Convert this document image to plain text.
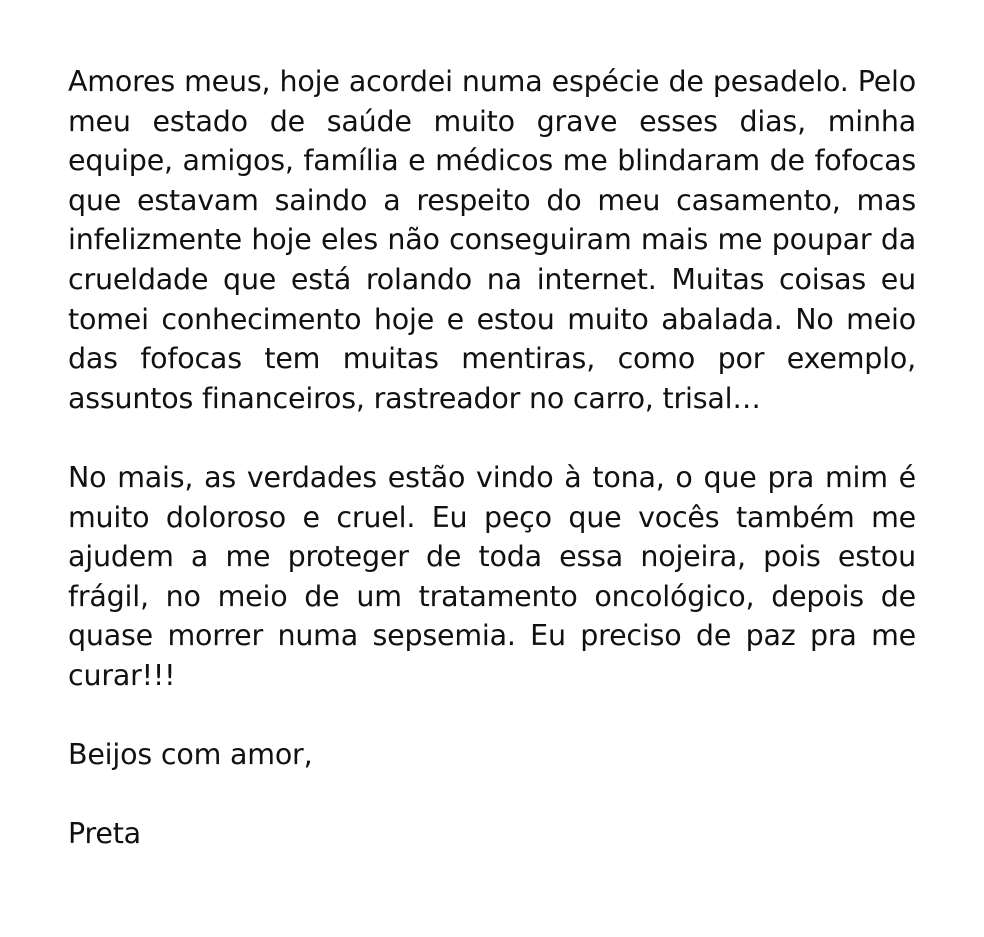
Amores meus, hoje acordei numa espécie de pesadelo. Pelo meu estado de saúde muito grave esses dias, minha equipe, amigos, família e médicos me blindaram de fofocas que estavam saindo a respeito do meu casamento, mas infelizmente hoje eles não conseguiram mais me poupar da crueldade que está rolando na internet. Muitas coisas eu tomei conhecimento hoje e estou muito abalada. No meio das fofocas tem muitas mentiras, como por exemplo, assuntos financeiros, rastreador no carro, trisal…

No mais, as verdades estão vindo à tona, o que pra mim é muito doloroso e cruel. Eu peço que vocês também me ajudem a me proteger de toda essa nojeira, pois estou frágil, no meio de um tratamento oncológico, depois de quase morrer numa sepsemia. Eu preciso de paz pra me curar!!!

Beijos com amor,

Preta
